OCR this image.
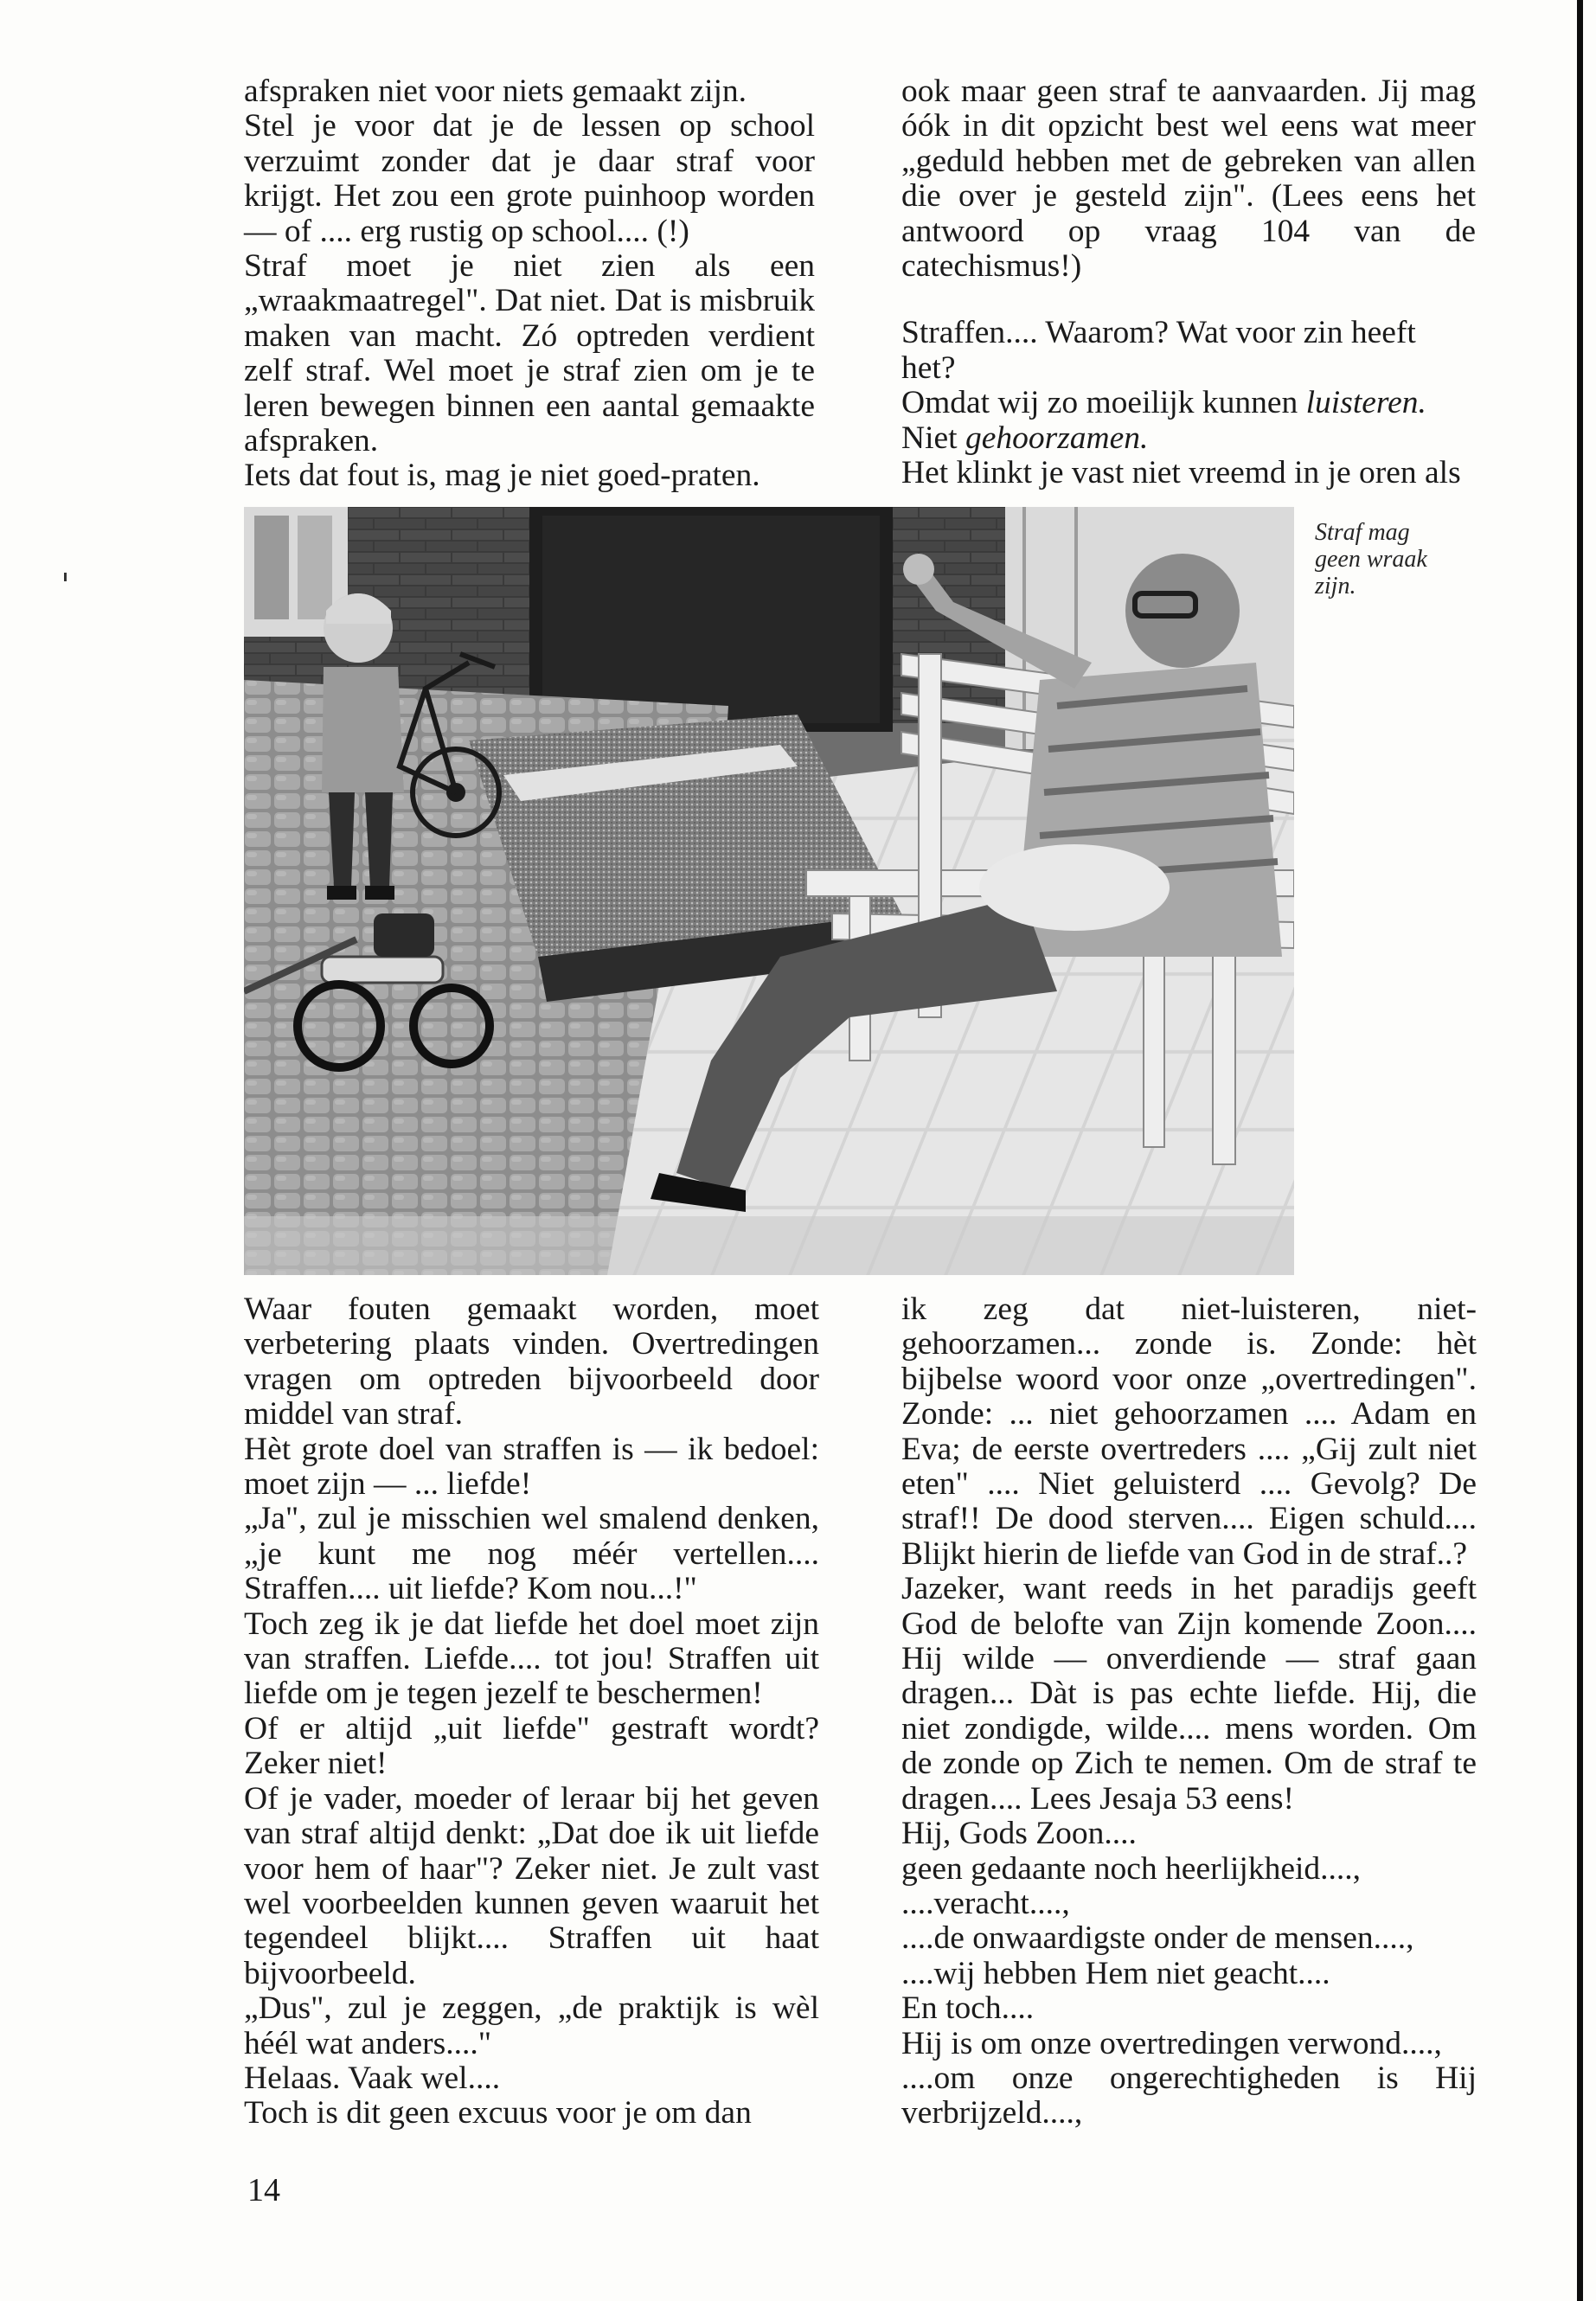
afspraken niet voor niets gemaakt zijn.

Stel je voor dat je de lessen op school verzuimt zonder dat je daar straf voor krijgt. Het zou een grote puinhoop worden — of .... erg rustig op school.... (!)

Straf moet je niet zien als een „wraakmaatregel". Dat niet. Dat is misbruik maken van macht. Zó optreden verdient zelf straf. Wel moet je straf zien om je te leren bewegen binnen een aantal gemaakte afspraken.

Iets dat fout is, mag je niet goed-praten.

ook maar geen straf te aanvaarden. Jij mag óók in dit opzicht best wel eens wat meer „geduld hebben met de gebreken van allen die over je gesteld zijn". (Lees eens het antwoord op vraag 104 van de catechismus!)

Straffen.... Waarom? Wat voor zin heeft het?

Omdat wij zo moeilijk kunnen luisteren.

Niet gehoorzamen.

Het klinkt je vast niet vreemd in je oren als

Straf mag
geen wraak
zijn.

Waar fouten gemaakt worden, moet verbetering plaats vinden. Overtredingen vragen om optreden bijvoorbeeld door middel van straf.

Hèt grote doel van straffen is — ik bedoel: moet zijn — ... liefde!

„Ja", zul je misschien wel smalend denken, „je kunt me nog méér vertellen.... Straffen.... uit liefde? Kom nou...!"

Toch zeg ik je dat liefde het doel moet zijn van straffen. Liefde.... tot jou! Straffen uit liefde om je tegen jezelf te beschermen!

Of er altijd „uit liefde" gestraft wordt? Zeker niet!

Of je vader, moeder of leraar bij het geven van straf altijd denkt: „Dat doe ik uit liefde voor hem of haar"? Zeker niet. Je zult vast wel voorbeelden kunnen geven waaruit het tegendeel blijkt.... Straffen uit haat bijvoorbeeld.

„Dus", zul je zeggen, „de praktijk is wèl héél wat anders...."

Helaas. Vaak wel....

Toch is dit geen excuus voor je om dan

ik zeg dat niet-luisteren, niet-gehoorzamen... zonde is. Zonde: hèt bijbelse woord voor onze „overtredingen". Zonde: ... niet gehoorzamen .... Adam en Eva; de eerste overtreders .... „Gij zult niet eten" .... Niet geluisterd .... Gevolg? De straf!! De dood sterven.... Eigen schuld.... Blijkt hierin de liefde van God in de straf..?

Jazeker, want reeds in het paradijs geeft God de belofte van Zijn komende Zoon.... Hij wilde — onverdiende — straf gaan dragen... Dàt is pas echte liefde. Hij, die niet zondigde, wilde.... mens worden. Om de zonde op Zich te nemen. Om de straf te dragen.... Lees Jesaja 53 eens!

Hij, Gods Zoon....

geen gedaante noch heerlijkheid....,

....veracht....,

....de onwaardigste onder de mensen....,

....wij hebben Hem niet geacht....

En toch....

Hij is om onze overtredingen verwond....,

....om onze ongerechtigheden is Hij verbrijzeld....,

14
